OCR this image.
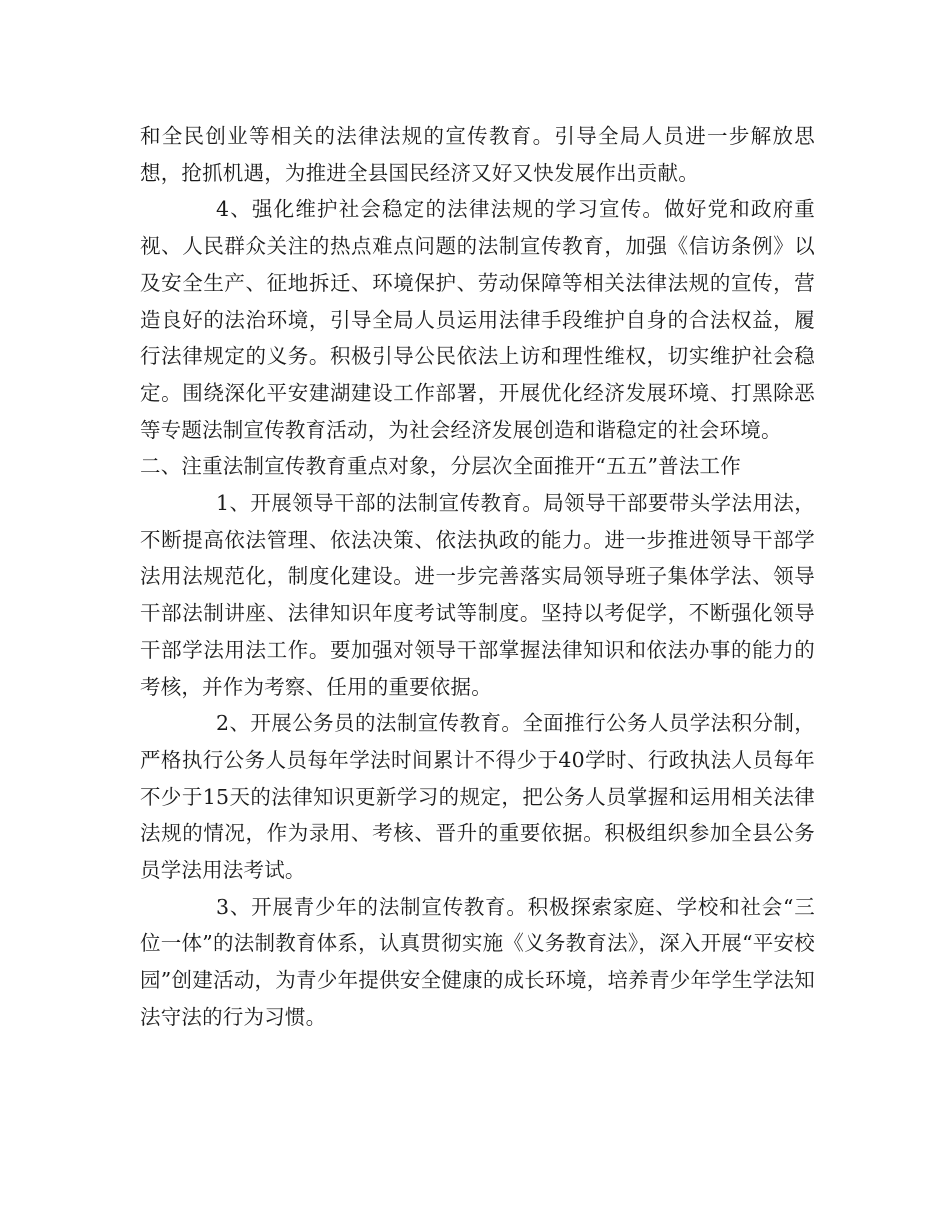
和全民创业等相关的法律法规的宣传教育。引导全局人员进一步解放思想，抢抓机遇，为推进全县国民经济又好又快发展作出贡献。

4、强化维护社会稳定的法律法规的学习宣传。做好党和政府重视、人民群众关注的热点难点问题的法制宣传教育，加强《信访条例》以及安全生产、征地拆迁、环境保护、劳动保障等相关法律法规的宣传，营造良好的法治环境，引导全局人员运用法律手段维护自身的合法权益，履行法律规定的义务。积极引导公民依法上访和理性维权，切实维护社会稳定。围绕深化平安建湖建设工作部署，开展优化经济发展环境、打黑除恶等专题法制宣传教育活动，为社会经济发展创造和谐稳定的社会环境。

二、注重法制宣传教育重点对象，分层次全面推开“五五”普法工作

1、开展领导干部的法制宣传教育。局领导干部要带头学法用法，不断提高依法管理、依法决策、依法执政的能力。进一步推进领导干部学法用法规范化，制度化建设。进一步完善落实局领导班子集体学法、领导干部法制讲座、法律知识年度考试等制度。坚持以考促学，不断强化领导干部学法用法工作。要加强对领导干部掌握法律知识和依法办事的能力的考核，并作为考察、任用的重要依据。

2、开展公务员的法制宣传教育。全面推行公务人员学法积分制，严格执行公务人员每年学法时间累计不得少于40学时、行政执法人员每年不少于15天的法律知识更新学习的规定，把公务人员掌握和运用相关法律法规的情况，作为录用、考核、晋升的重要依据。积极组织参加全县公务员学法用法考试。

3、开展青少年的法制宣传教育。积极探索家庭、学校和社会“三位一体”的法制教育体系，认真贯彻实施《义务教育法》，深入开展“平安校园”创建活动，为青少年提供安全健康的成长环境，培养青少年学生学法知法守法的行为习惯。
